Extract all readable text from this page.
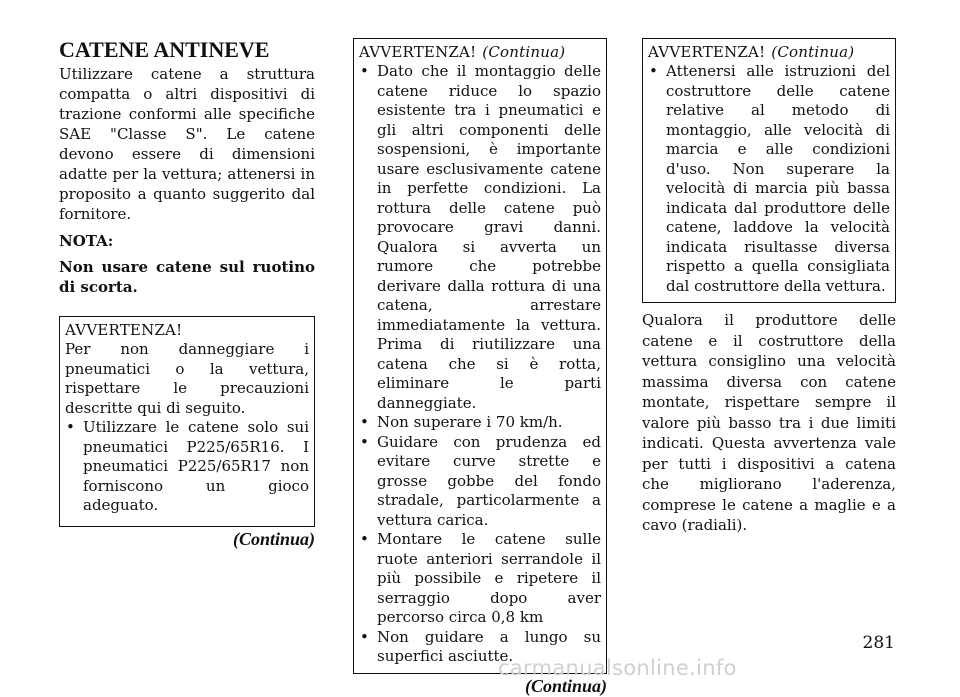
CATENE ANTINEVE

Utilizzare catene a struttura compatta o altri dispositivi di trazione conformi alle specifiche SAE "Classe S". Le catene devono essere di dimensioni adatte per la vettura; attenersi in proposito a quanto suggerito dal fornitore.

NOTA:

Non usare catene sul ruotino di scorta.

AVVERTENZA!

Per non danneggiare i pneumatici o la vettura, rispettare le precauzioni descritte qui di seguito.

• Utilizzare le catene solo sui pneumatici P225/65R16. I pneumatici P225/65R17 non forniscono un gioco adeguato.
(Continua)
AVVERTENZA! (Continua)
• Dato che il montaggio delle catene riduce lo spazio esistente tra i pneumatici e gli altri componenti delle sospensioni, è importante usare esclusivamente catene in perfette condizioni. La rottura delle catene può provocare gravi danni. Qualora si avverta un rumore che potrebbe derivare dalla rottura di una catena, arrestare immediatamente la vettura. Prima di riutilizzare una catena che si è rotta, eliminare le parti danneggiate.
• Non superare i 70 km/h.
• Guidare con prudenza ed evitare curve strette e grosse gobbe del fondo stradale, particolarmente a vettura carica.
• Montare le catene sulle ruote anteriori serrandole il più possibile e ripetere il serraggio dopo aver percorso circa 0,8 km
• Non guidare a lungo su superfici asciutte.
(Continua)
AVVERTENZA! (Continua)
• Attenersi alle istruzioni del costruttore delle catene relative al metodo di montaggio, alle velocità di marcia e alle condizioni d'uso. Non superare la velocità di marcia più bassa indicata dal produttore delle catene, laddove la velocità indicata risultasse diversa rispetto a quella consigliata dal costruttore della vettura.

Qualora il produttore delle catene e il costruttore della vettura consiglino una velocità massima diversa con catene montate, rispettare sempre il valore più basso tra i due limiti indicati. Questa avvertenza vale per tutti i dispositivi a catena che migliorano l'aderenza, comprese le catene a maglie e a cavo (radiali).

281
carmanualsonline.info
